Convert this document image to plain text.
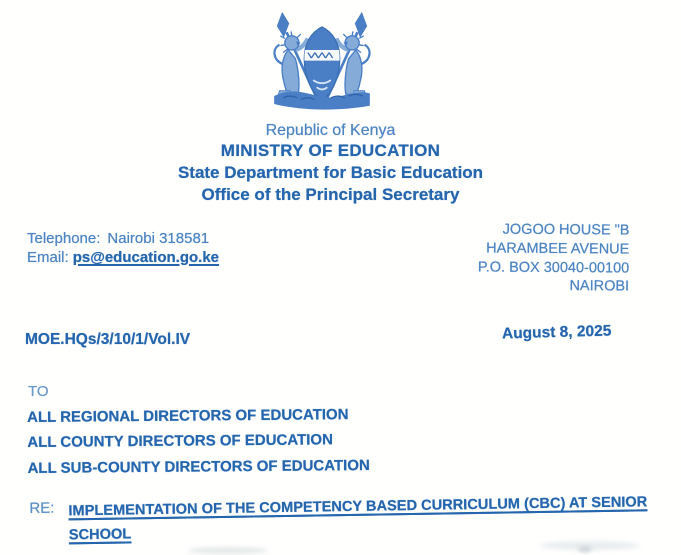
Republic of Kenya
MINISTRY OF EDUCATION
State Department for Basic Education
Office of the Principal Secretary
Telephone: Nairobi 318581
Email: ps@education.go.ke
JOGOO HOUSE "B
HARAMBEE AVENUE
P.O. BOX 30040-00100
NAIROBI
MOE.HQs/3/10/1/Vol.IV	August 8, 2025
TO
ALL REGIONAL DIRECTORS OF EDUCATION
ALL COUNTY DIRECTORS OF EDUCATION
ALL SUB-COUNTY DIRECTORS OF EDUCATION
RE: IMPLEMENTATION OF THE COMPETENCY BASED CURRICULUM (CBC) AT SENIOR
SCHOOL
